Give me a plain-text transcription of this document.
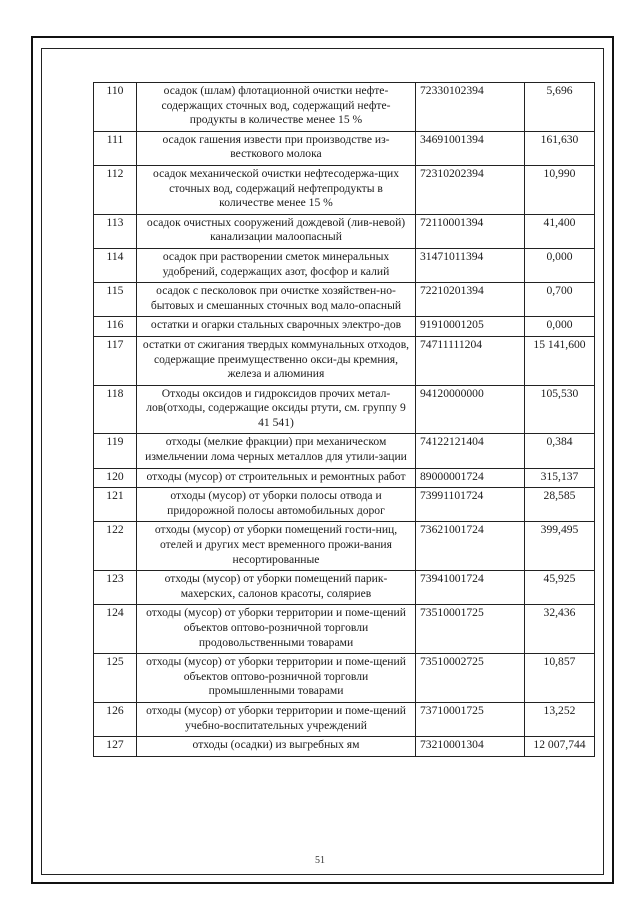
110	осадок (шлам) флотационной очистки нефте-содержащих сточных вод, содержащий нефте-продукты в количестве менее 15 %	72330102394	5,696
111	осадок гашения извести при производстве из-весткового молока	34691001394	161,630
112	осадок механической очистки нефтесодержа-щих сточных вод, содержаций нефтепродукты в количестве менее 15 %	72310202394	10,990
113	осадок очистных сооружений дождевой (лив-невой) канализации малоопасный	72110001394	41,400
114	осадок при растворении сметок минеральных удобрений, содержащих азот, фосфор и калий	31471011394	0,000
115	осадок с песколовок при очистке хозяйствен-но-бытовых и смешанных сточных вод мало-опасный	72210201394	0,700
116	остатки и огарки стальных сварочных электро-дов	91910001205	0,000
117	остатки от сжигания твердых коммунальных отходов, содержащие преимущественно окси-ды кремния, железа и алюминия	74711111204	15 141,600
118	Отходы оксидов и гидроксидов прочих метал-лов(отходы, содержащие оксиды ртути, см. группу 9 41 541)	94120000000	105,530
119	отходы (мелкие фракции) при механическом измельчении лома черных металлов для утили-зации	74122121404	0,384
120	отходы (мусор) от строительных и ремонтных работ	89000001724	315,137
121	отходы (мусор) от уборки полосы отвода и придорожной полосы автомобильных дорог	73991101724	28,585
122	отходы (мусор) от уборки помещений гости-ниц, отелей и других мест временного прожи-вания несортированные	73621001724	399,495
123	отходы (мусор) от уборки помещений парик-махерских, салонов красоты, соляриев	73941001724	45,925
124	отходы (мусор) от уборки территории и поме-щений объектов оптово-розничной торговли продовольственными товарами	73510001725	32,436
125	отходы (мусор) от уборки территории и поме-щений объектов оптово-розничной торговли промышленными товарами	73510002725	10,857
126	отходы (мусор) от уборки территории и поме-щений учебно-воспитательных учреждений	73710001725	13,252
127	отходы (осадки) из выгребных ям	73210001304	12 007,744
51
